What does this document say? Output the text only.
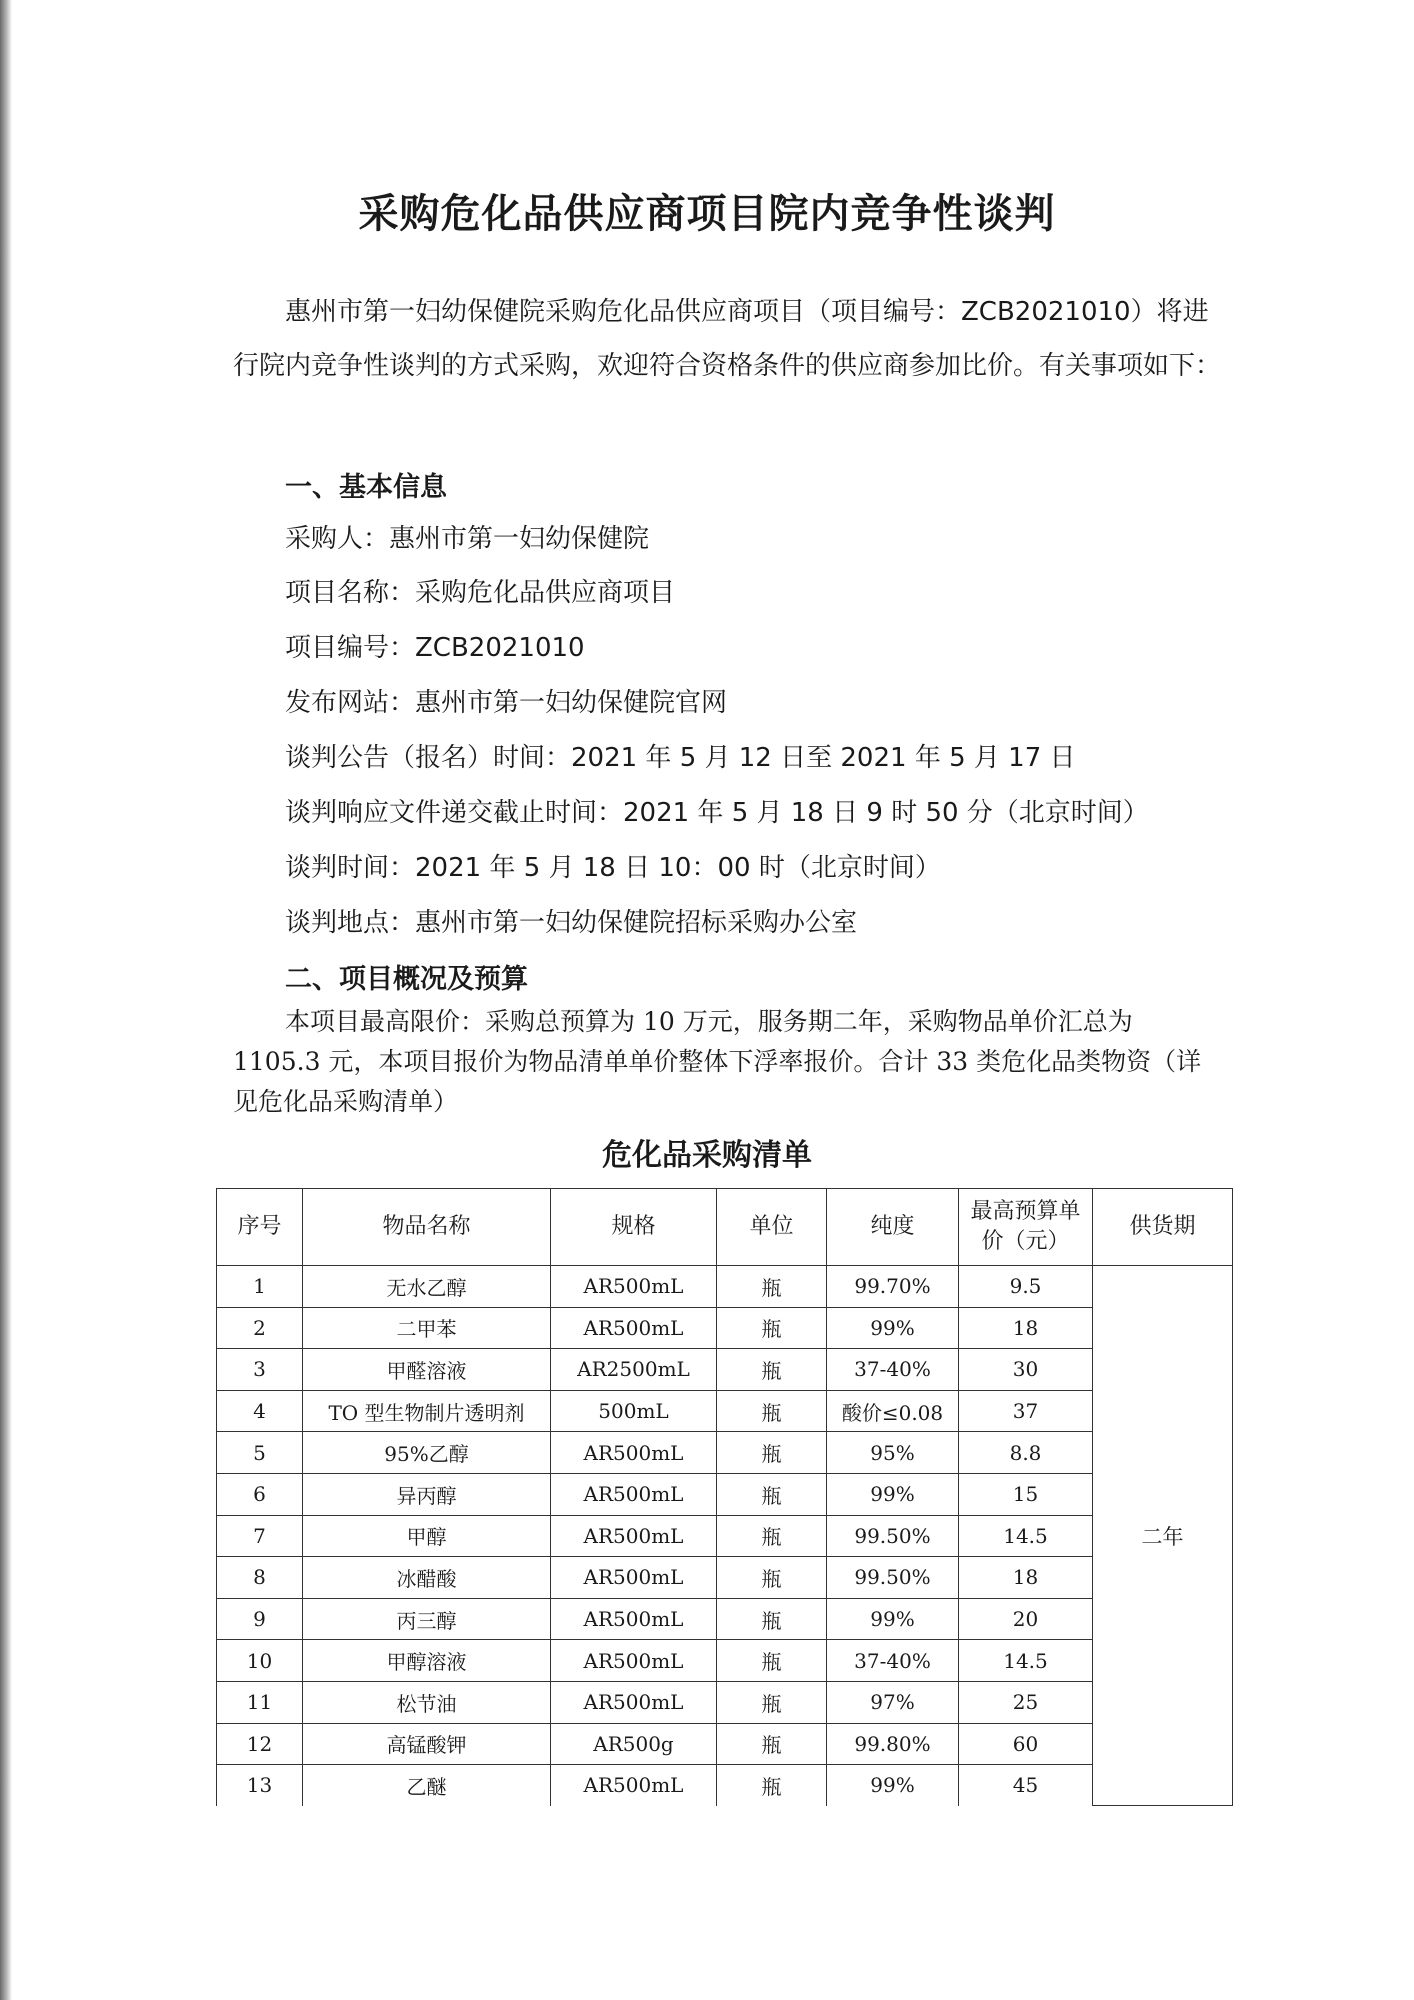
采购危化品供应商项目院内竞争性谈判

惠州市第一妇幼保健院采购危化品供应商项目（项目编号：ZCB2021010）将进行院内竞争性谈判的方式采购，欢迎符合资格条件的供应商参加比价。有关事项如下：

一、基本信息
采购人：惠州市第一妇幼保健院
项目名称：采购危化品供应商项目
项目编号：ZCB2021010
发布网站：惠州市第一妇幼保健院官网
谈判公告（报名）时间：2021 年 5 月 12 日至 2021 年 5 月 17 日
谈判响应文件递交截止时间：2021 年 5 月 18 日 9 时 50 分（北京时间）
谈判时间：2021 年 5 月 18 日 10：00 时（北京时间）
谈判地点：惠州市第一妇幼保健院招标采购办公室
二、项目概况及预算

本项目最高限价：采购总预算为 10 万元，服务期二年，采购物品单价汇总为 1105.3 元，本项目报价为物品清单单价整体下浮率报价。合计 33 类危化品类物资（详见危化品采购清单）

危化品采购清单
序号	物品名称	规格	单位	纯度	最高预算单价（元）	供货期
1	无水乙醇	AR500mL	瓶	99.70%	9.5	二年
2	二甲苯	AR500mL	瓶	99%	18	
3	甲醛溶液	AR2500mL	瓶	37-40%	30	
4	TO 型生物制片透明剂	500mL	瓶	酸价≤0.08	37	
5	95%乙醇	AR500mL	瓶	95%	8.8	
6	异丙醇	AR500mL	瓶	99%	15	
7	甲醇	AR500mL	瓶	99.50%	14.5	
8	冰醋酸	AR500mL	瓶	99.50%	18	
9	丙三醇	AR500mL	瓶	99%	20	
10	甲醇溶液	AR500mL	瓶	37-40%	14.5	
11	松节油	AR500mL	瓶	97%	25	
12	高锰酸钾	AR500g	瓶	99.80%	60	
13	乙醚	AR500mL	瓶	99%	45	
